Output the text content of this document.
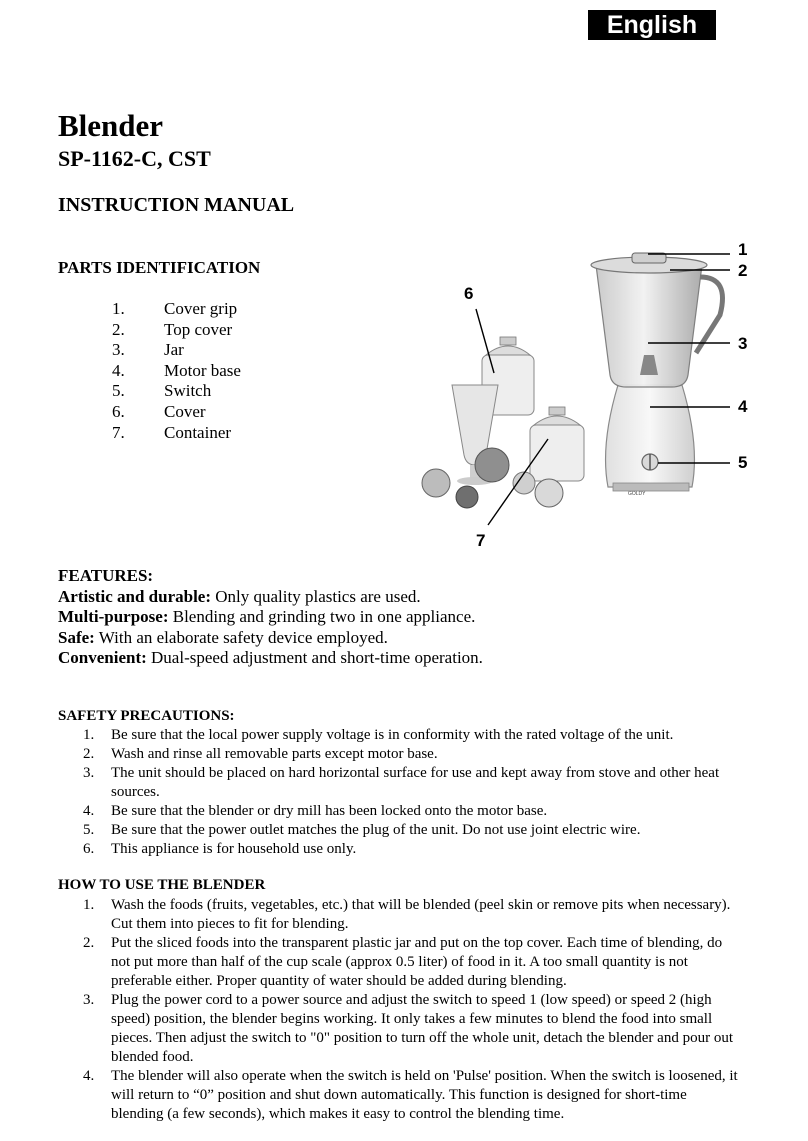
English
Blender
SP-1162-C, CST
INSTRUCTION MANUAL
PARTS IDENTIFICATION
1. Cover grip
2. Top cover
3. Jar
4. Motor base
5. Switch
6. Cover
7. Container
GOLDY
1
2
3
4
5
6
7
FEATURES:
Artistic and durable: Only quality plastics are used.
Multi-purpose: Blending and grinding two in one appliance.
Safe: With an elaborate safety device employed.
Convenient: Dual-speed adjustment and short-time operation.
SAFETY PRECAUTIONS:
1. Be sure that the local power supply voltage is in conformity with the rated voltage of the unit.
2. Wash and rinse all removable parts except motor base.
3. The unit should be placed on hard horizontal surface for use and kept away from stove and other heat sources.
4. Be sure that the blender or dry mill has been locked onto the motor base.
5. Be sure that the power outlet matches the plug of the unit. Do not use joint electric wire.
6. This appliance is for household use only.
HOW TO USE THE BLENDER
1. Wash the foods (fruits, vegetables, etc.) that will be blended (peel skin or remove pits when necessary). Cut them into pieces to fit for blending.
2. Put the sliced foods into the transparent plastic jar and put on the top cover. Each time of blending, do not put more than half of the cup scale (approx 0.5 liter) of food in it. A too small quantity is not preferable either. Proper quantity of water should be added during blending.
3. Plug the power cord to a power source and adjust the switch to speed 1 (low speed) or speed 2 (high speed) position, the blender begins working. It only takes a few minutes to blend the food into small pieces. Then adjust the switch to "0" position to turn off the whole unit, detach the blender and pour out blended food.
4. The blender will also operate when the switch is held on 'Pulse' position. When the switch is loosened, it will return to “0” position and shut down automatically. This function is designed for short-time blending (a few seconds), which makes it easy to control the blending time.
